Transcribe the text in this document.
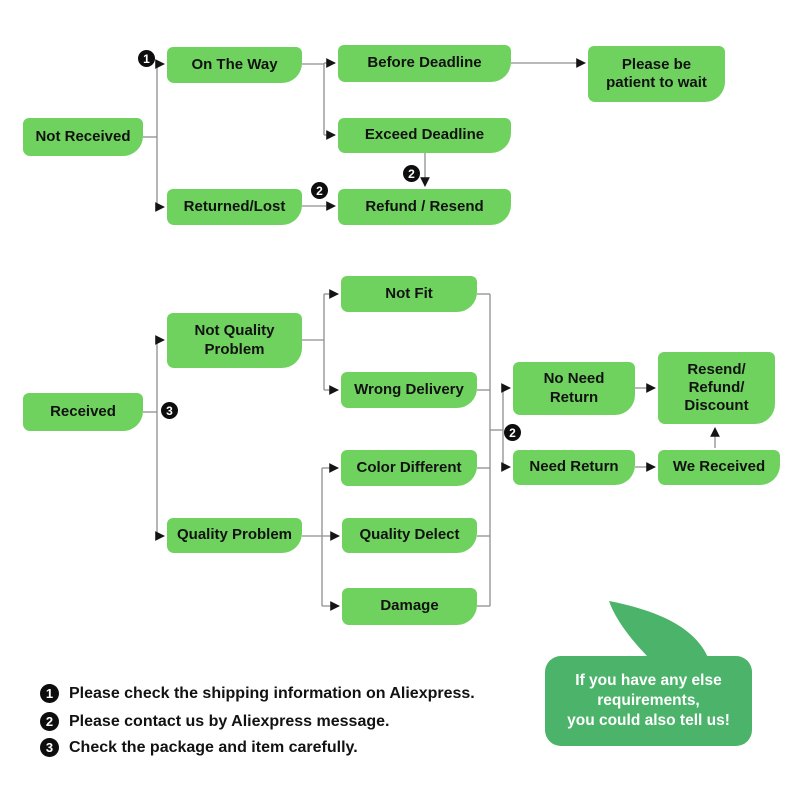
Not Received
On The Way	Before Deadline	Please be
patient to wait
Exceed Deadline
Returned/Lost	Refund / Resend
Received
Not Quality
Problem
Not Fit
Wrong Delivery
No Need
Return
Resend/
Refund/
Discount
Color Different	Need Return	We Received
Quality Problem	Quality Delect
Damage
1
2
2
3
2
1 Please check the shipping information on Aliexpress.
2 Please contact us by Aliexpress message.
3 Check the package and item carefully.
If you have any else
requirements,
you could also tell us!
